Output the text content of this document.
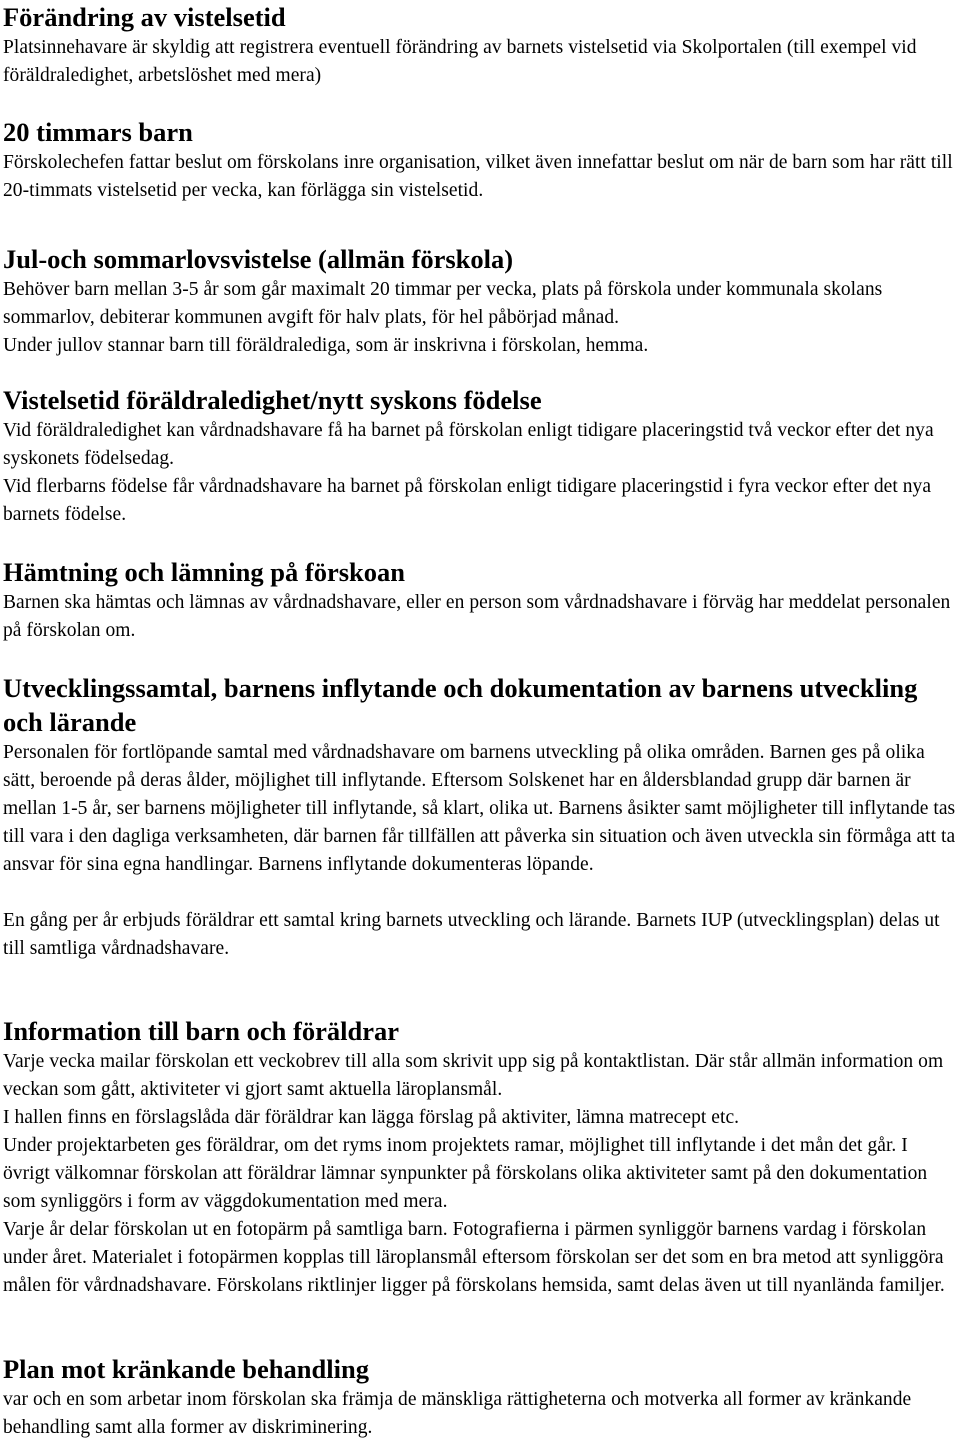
Förändring av vistelsetid

Platsinnehavare är skyldig att registrera eventuell förändring av barnets vistelsetid via Skolportalen (till exempel vid föräldraledighet, arbetslöshet med mera)

20 timmars barn

Förskolechefen fattar beslut om förskolans inre organisation, vilket även innefattar beslut om när de barn som har rätt till 20-timmats vistelsetid per vecka, kan förlägga sin vistelsetid.

Jul-och sommarlovsvistelse (allmän förskola)

Behöver barn mellan 3-5 år som går maximalt 20 timmar per vecka, plats på förskola under kommunala skolans sommarlov, debiterar kommunen avgift för halv plats, för hel påbörjad månad.

Under jullov stannar barn till föräldralediga, som är inskrivna i förskolan, hemma.

Vistelsetid föräldraledighet/nytt syskons födelse

Vid föräldraledighet kan vårdnadshavare få ha barnet på förskolan enligt tidigare placeringstid två veckor efter det nya syskonets födelsedag.

Vid flerbarns födelse får vårdnadshavare ha barnet på förskolan enligt tidigare placeringstid i fyra veckor efter det nya barnets födelse.

Hämtning och lämning på förskoan

Barnen ska hämtas och lämnas av vårdnadshavare, eller en person som vårdnadshavare i förväg har meddelat personalen på förskolan om.

Utvecklingssamtal, barnens inflytande och dokumentation av barnens utveckling och lärande

Personalen för fortlöpande samtal med vårdnadshavare om barnens utveckling på olika områden. Barnen ges på olika sätt, beroende på deras ålder, möjlighet till inflytande. Eftersom Solskenet har en åldersblandad grupp där barnen är mellan 1-5 år, ser barnens möjligheter till inflytande, så klart, olika ut. Barnens åsikter samt möjligheter till inflytande tas till vara i den dagliga verksamheten, där barnen får tillfällen att påverka sin situation och även utveckla sin förmåga att ta ansvar för sina egna handlingar. Barnens inflytande dokumenteras löpande.

En gång per år erbjuds föräldrar ett samtal kring barnets utveckling och lärande. Barnets IUP (utvecklingsplan) delas ut till samtliga vårdnadshavare.

Information till barn och föräldrar

Varje vecka mailar förskolan ett veckobrev till alla som skrivit upp sig på kontaktlistan. Där står allmän information om veckan som gått, aktiviteter vi gjort samt aktuella läroplansmål.

I hallen finns en förslagslåda där föräldrar kan lägga förslag på aktiviter, lämna matrecept etc.

Under projektarbeten ges föräldrar, om det ryms inom projektets ramar, möjlighet till inflytande i det mån det går. I övrigt välkomnar förskolan att föräldrar lämnar synpunkter på förskolans olika aktiviteter samt på den dokumentation som synliggörs i form av väggdokumentation med mera.

Varje år delar förskolan ut en fotopärm på samtliga barn. Fotografierna i pärmen synliggör barnens vardag i förskolan under året. Materialet i fotopärmen kopplas till läroplansmål eftersom förskolan ser det som en bra metod att synliggöra målen för vårdnadshavare. Förskolans riktlinjer ligger på förskolans hemsida, samt delas även ut till nyanlända familjer.

Plan mot kränkande behandling

var och en som arbetar inom förskolan ska främja de mänskliga rättigheterna och motverka all former av kränkande behandling samt alla former av diskriminering.
